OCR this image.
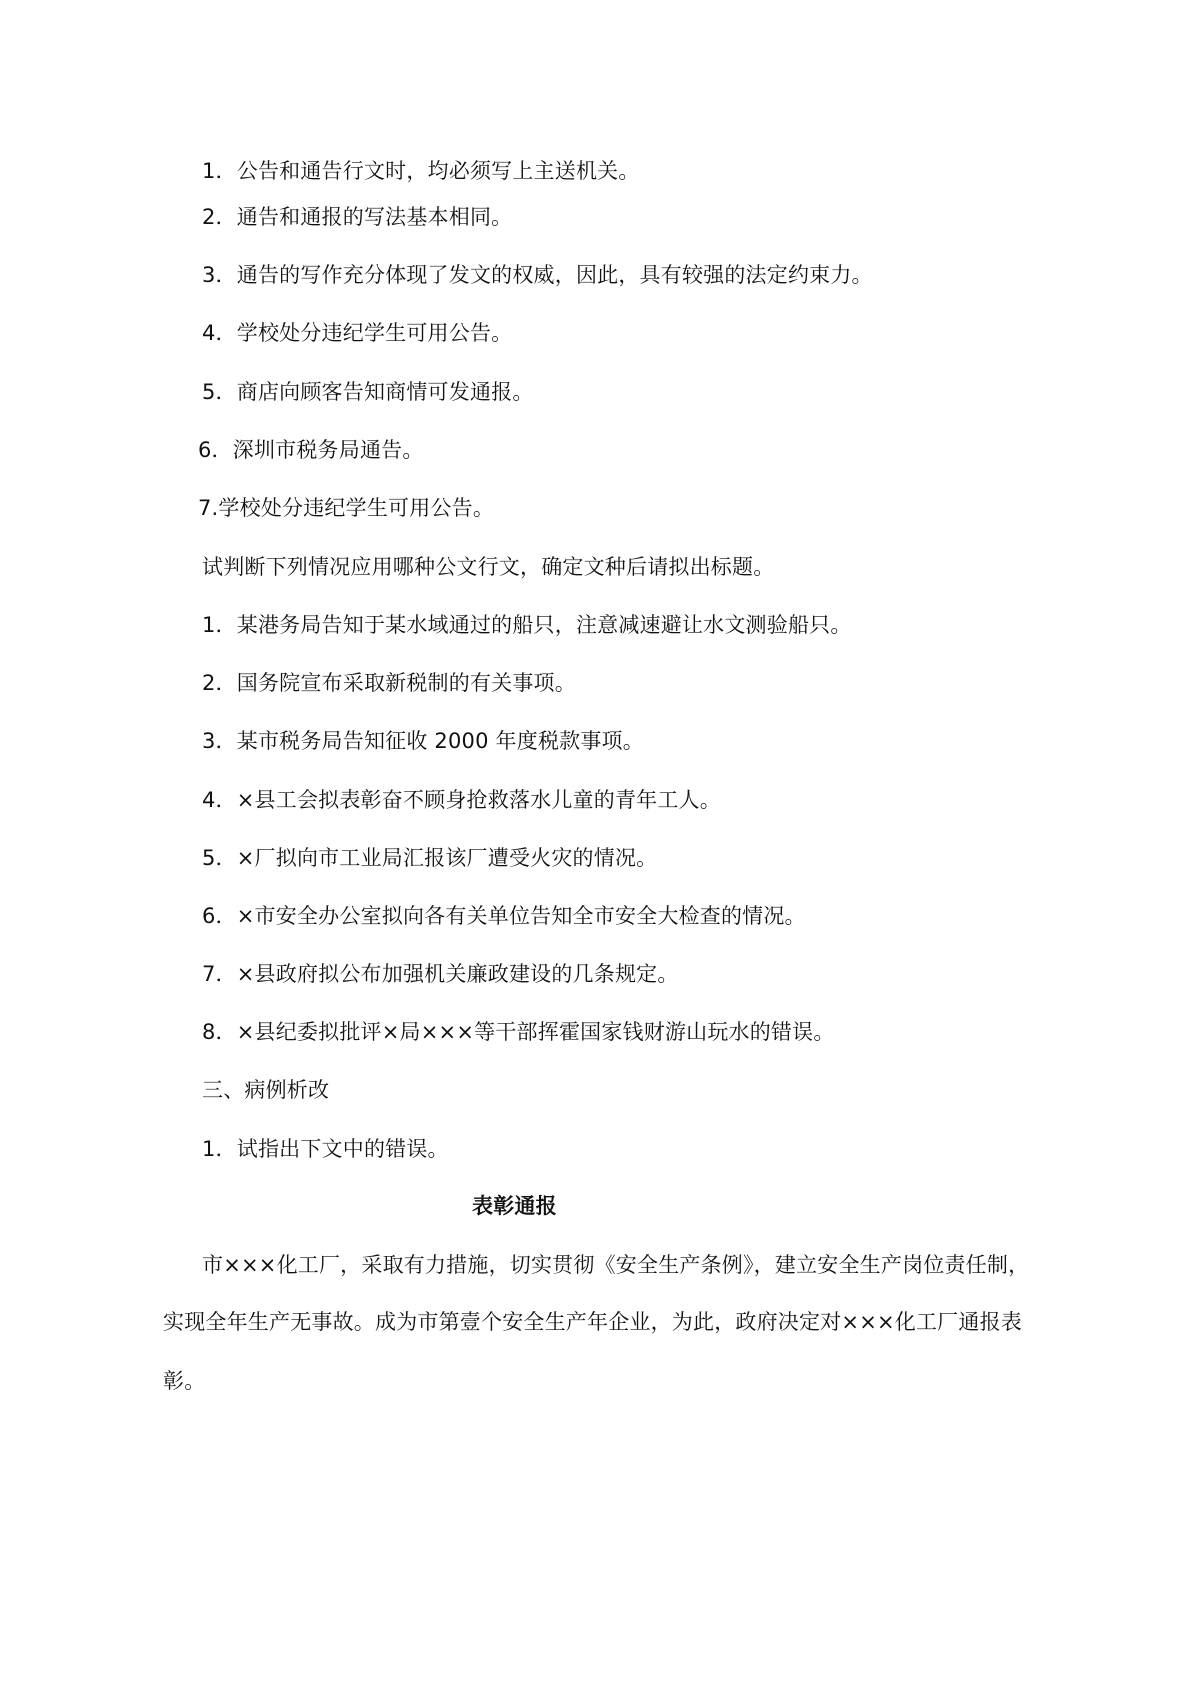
1．公告和通告行文时，均必须写上主送机关。
2．通告和通报的写法基本相同。
3．通告的写作充分体现了发文的权威，因此，具有较强的法定约束力。
4．学校处分违纪学生可用公告。
5．商店向顾客告知商情可发通报。
6．深圳市税务局通告。
7.学校处分违纪学生可用公告。
试判断下列情况应用哪种公文行文，确定文种后请拟出标题。
1．某港务局告知于某水域通过的船只，注意减速避让水文测验船只。
2．国务院宣布采取新税制的有关事项。
3．某市税务局告知征收 2000 年度税款事项。
4．×县工会拟表彰奋不顾身抢救落水儿童的青年工人。
5．×厂拟向市工业局汇报该厂遭受火灾的情况。
6．×市安全办公室拟向各有关单位告知全市安全大检查的情况。
7．×县政府拟公布加强机关廉政建设的几条规定。
8．×县纪委拟批评×局×××等干部挥霍国家钱财游山玩水的错误。
三、病例析改
1．试指出下文中的错误。
表彰通报
市×××化工厂，采取有力措施，切实贯彻《安全生产条例》，建立安全生产岗位责任制，
实现全年生产无事故。成为市第壹个安全生产年企业，为此，政府决定对×××化工厂通报表
彰。
